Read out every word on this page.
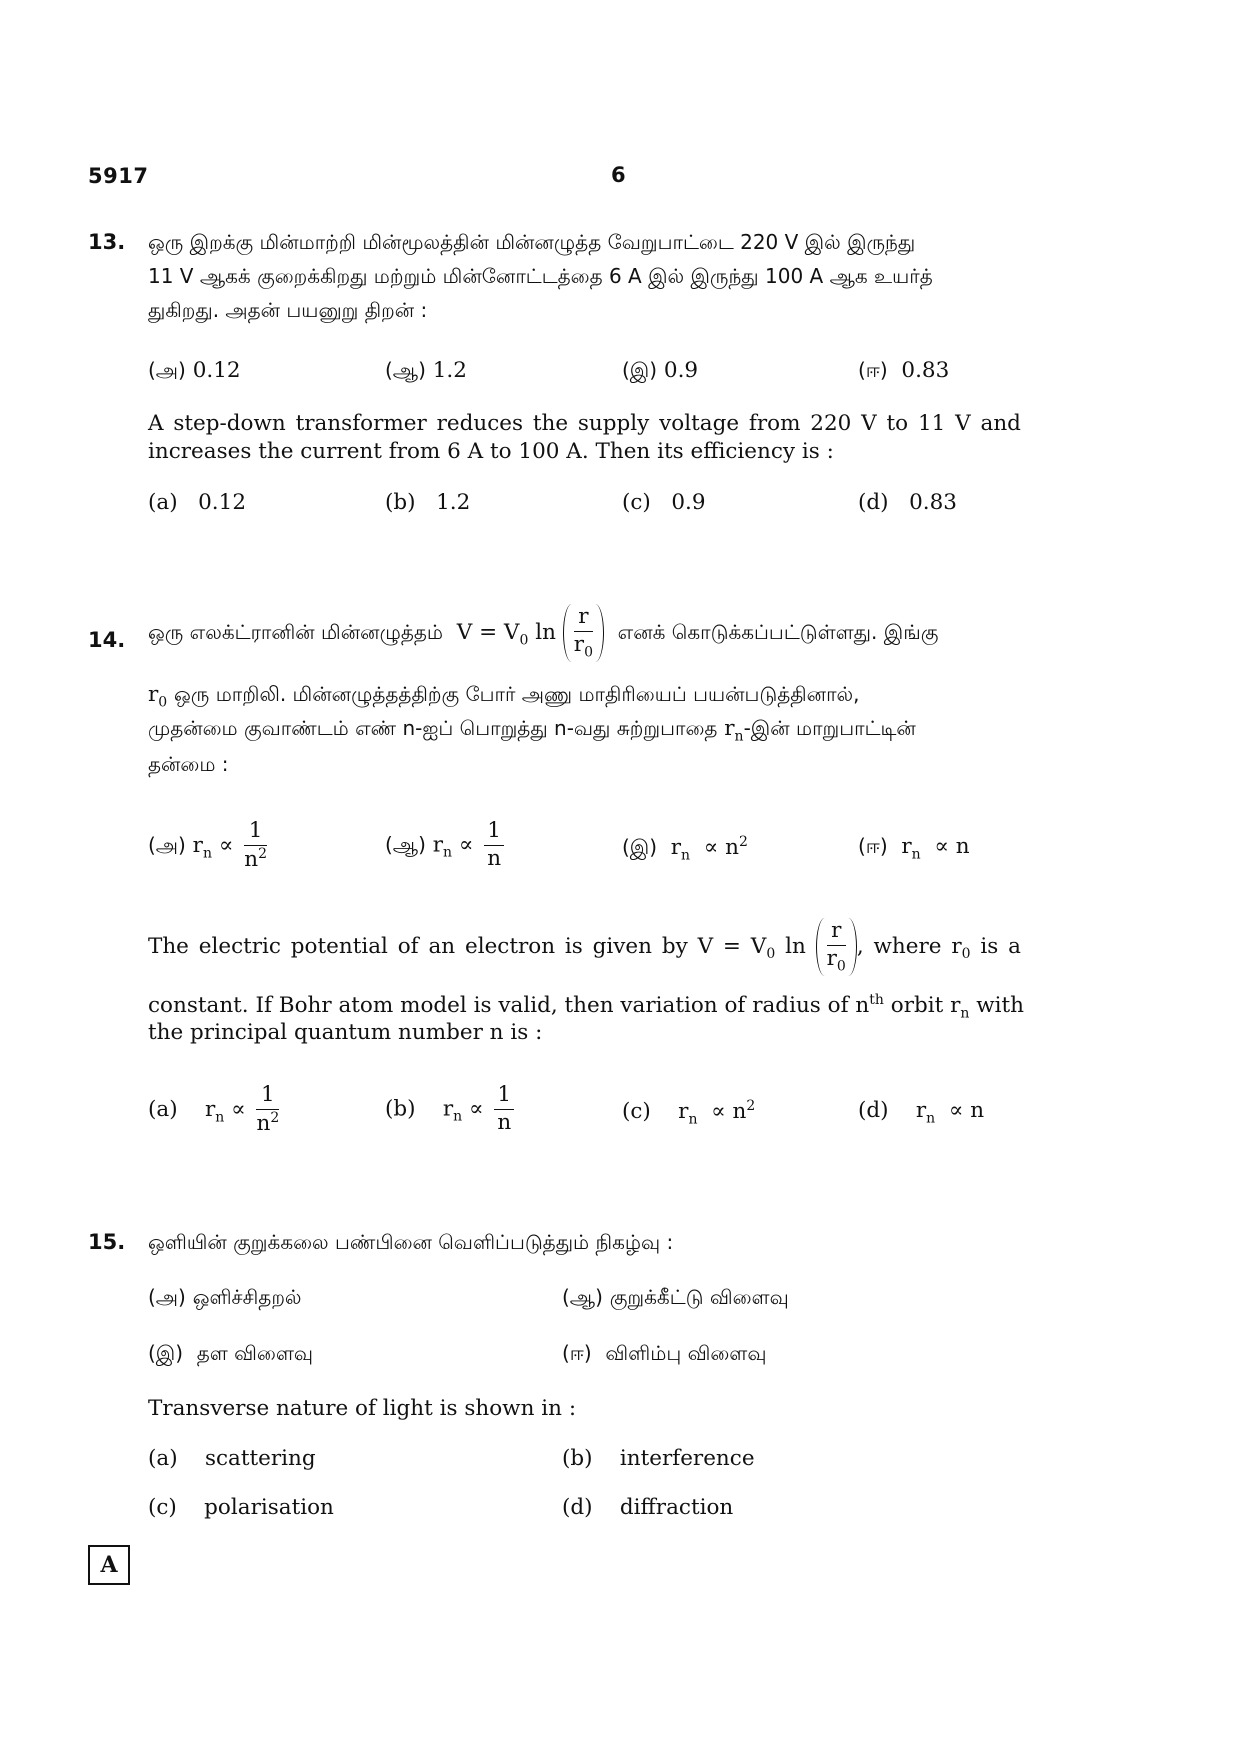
5917	6
13. ஒரு இறக்கு மின்மாற்றி மின்மூலத்தின் மின்னழுத்த வேறுபாட்டை 220 V இல் இருந்து
11 V ஆகக் குறைக்கிறது மற்றும் மின்னோட்டத்தை 6 A இல் இருந்து 100 A ஆக உயர்த்
துகிறது. அதன் பயனுறு திறன் :
(அ) 0.12	(ஆ) 1.2	(இ) 0.9	(ஈ) 0.83
A step-down transformer reduces the supply voltage from 220 V to 11 V and
increases the current from 6 A to 100 A. Then its efficiency is :
(a) 0.12	(b) 1.2	(c) 0.9	(d) 0.83
14. ஒரு எலக்ட்ரானின் மின்னழுத்தம்  $V = V_0$ $\ln \frac{r}{r_0}$ எனக் கொடுக்கப்பட்டுள்ளது. இங்கு
$r_0$ ஒரு மாறிலி. மின்னழுத்தத்திற்கு போர் அணு மாதிரியைப் பயன்படுத்தினால்,
முதன்மை குவாண்டம் எண் n-ஐப் பொறுத்து n-வது சுற்றுபாதை $r_n-இன்$ மாறுபாட்டின்
தன்மை :
(அ) $r_n \propto \frac{1}{n^2}$	(ஆ) $r_n \propto \frac{1}{n}$	(இ)  $r_n \propto n^2$	(ஈ)  $r_n \propto n$
The electric potential of an electron is given by $V = V_0$ $\ln \frac{r}{r_0}$ , where $r_0$ is a
constant. If Bohr atom model is valid, then variation of radius of $n^{th}$ orbit $r_n$ with
the principal quantum number n is :
(a)    $r_n \propto \frac{1}{n^2}$	(b)    $r_n \propto \frac{1}{n}$	(c)    $r_n \propto n^2$	(d)    $r_n \propto n$
15. ஒளியின் குறுக்கலை பண்பினை வெளிப்படுத்தும் நிகழ்வு :
(அ) ஒளிச்சிதறல்	(ஆ) குறுக்கீட்டு விளைவு
(இ) தள விளைவு	(ஈ) விளிம்பு விளைவு
Transverse nature of light is shown in :
(a) scattering	(b) interference
(c) polarisation	(d) diffraction
A
